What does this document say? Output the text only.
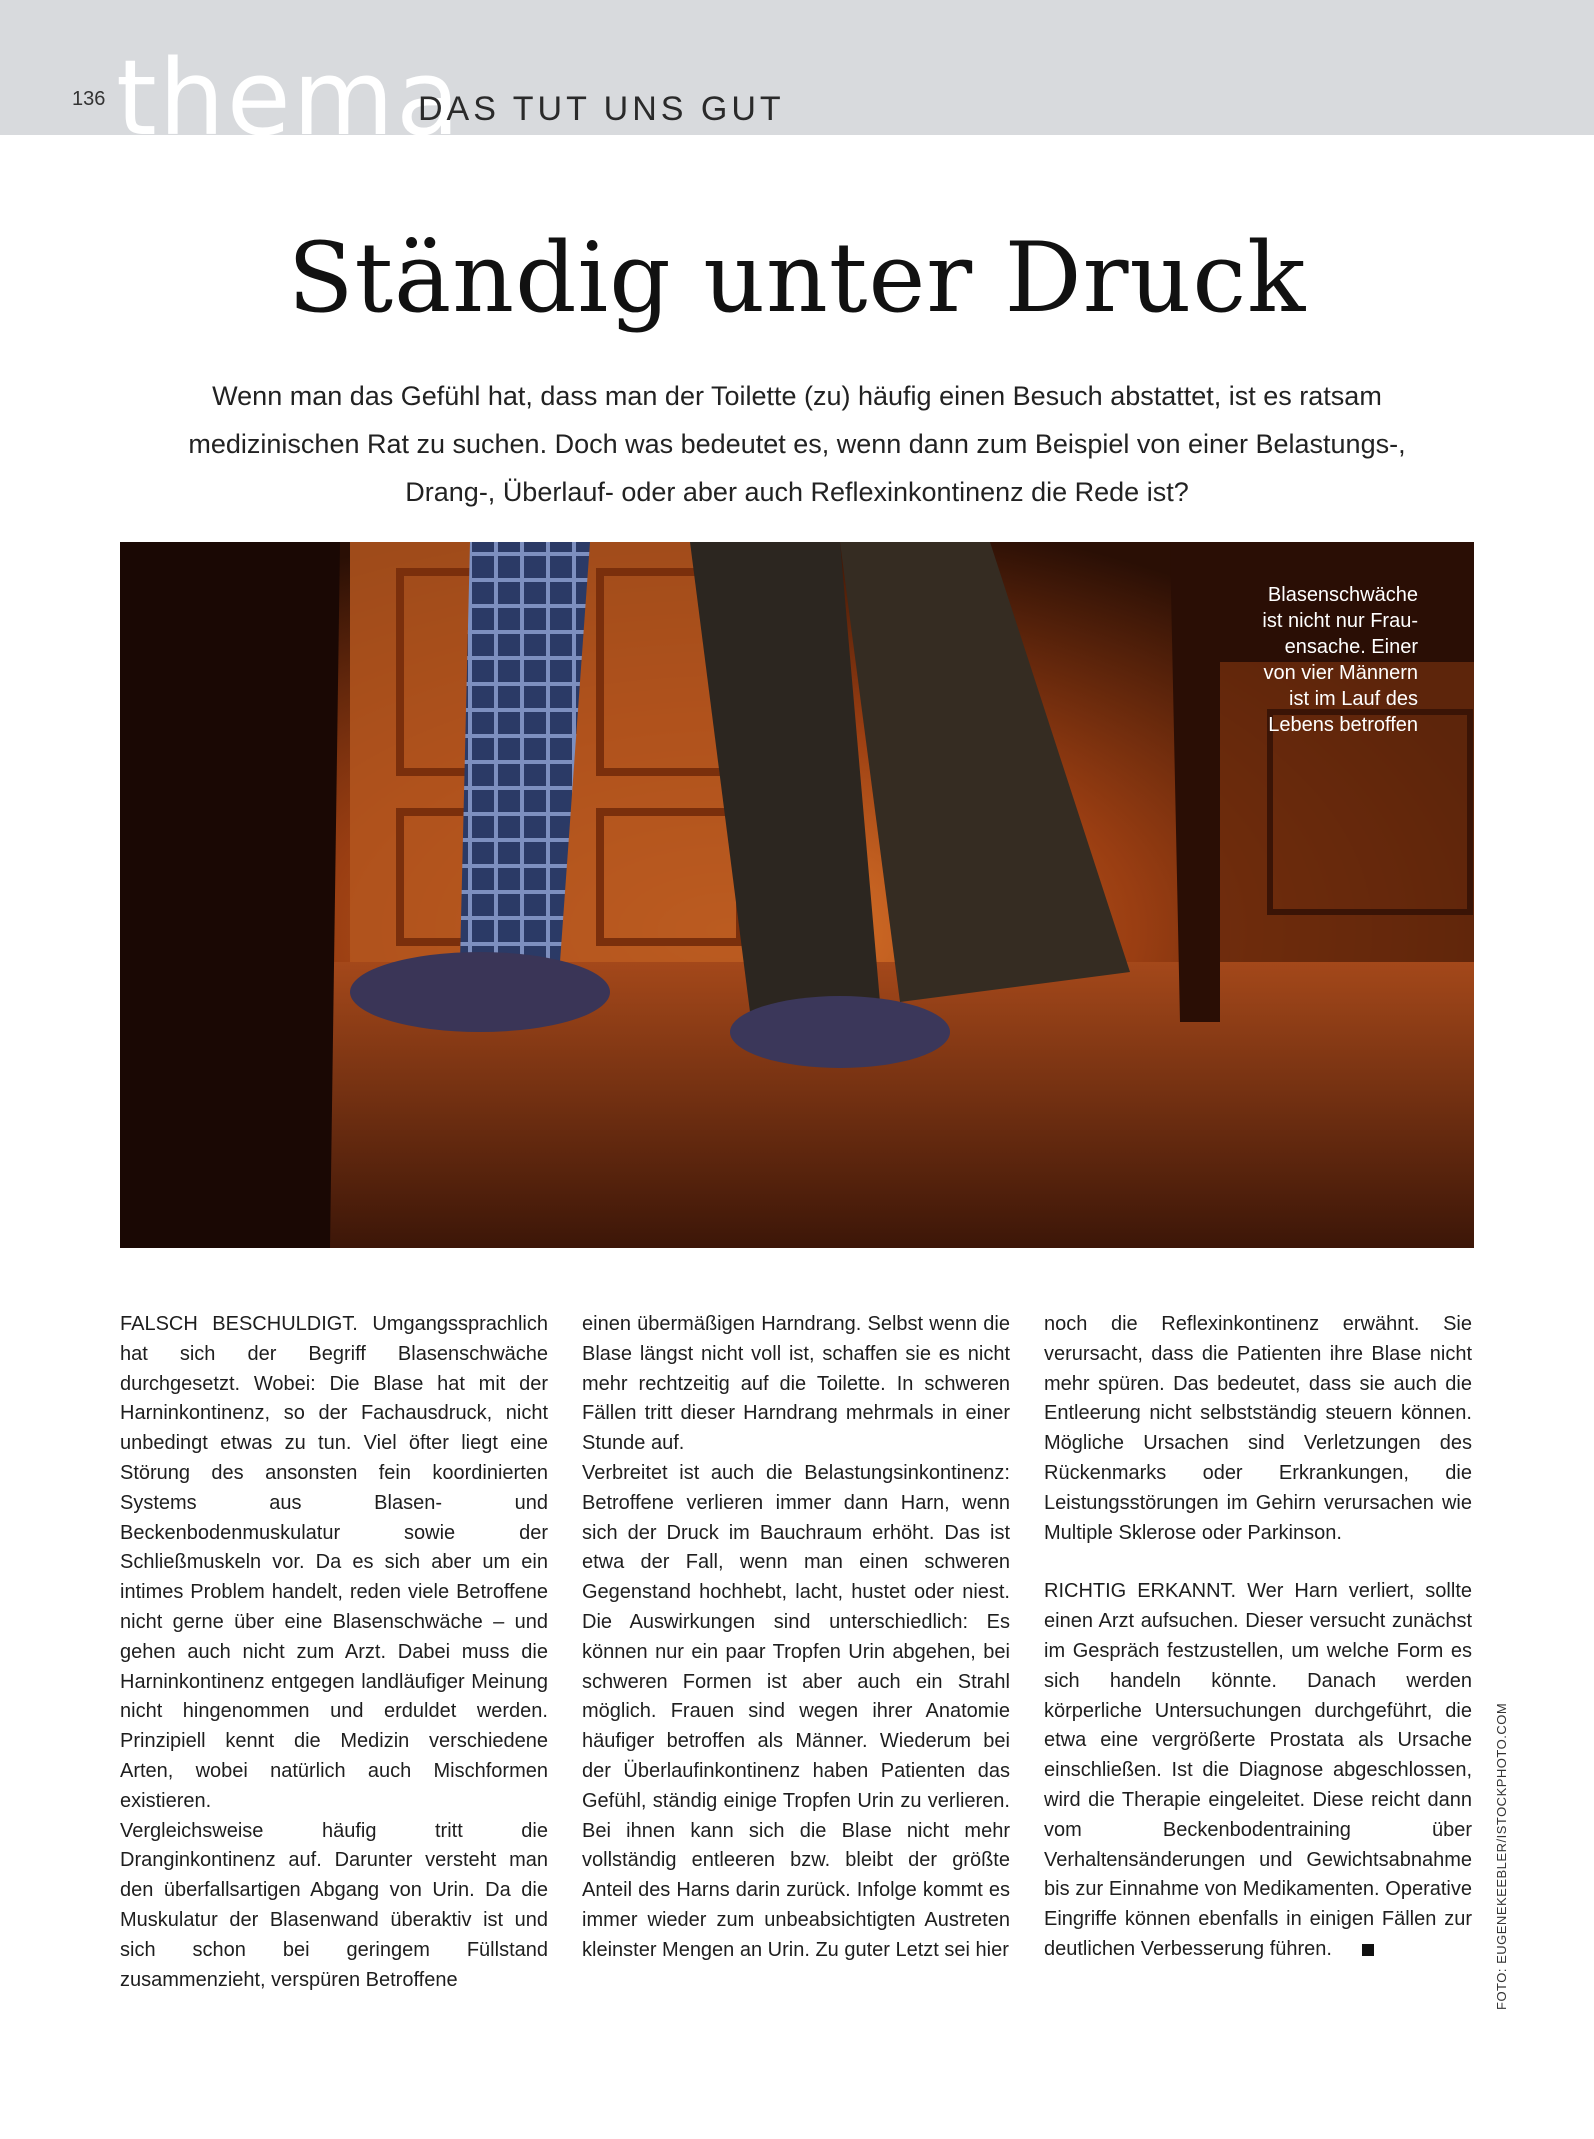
136 thema
DAS TUT UNS GUT
Ständig unter Druck
Wenn man das Gefühl hat, dass man der Toilette (zu) häufig einen Besuch abstattet, ist es ratsam
medizinischen Rat zu suchen. Doch was bedeutet es, wenn dann zum Beispiel von einer Belastungs-,
Drang-, Überlauf- oder aber auch Reflexinkontinenz die Rede ist?
Blasenschwäche
ist nicht nur Frau-
ensache. Einer
von vier Männern
ist im Lauf des
Lebens betroffen

FALSCH BESCHULDIGT. Umgangssprachlich hat sich der Begriff Blasenschwäche durchgesetzt. Wobei: Die Blase hat mit der Harninkontinenz, so der Fachausdruck, nicht unbedingt etwas zu tun. Viel öfter liegt eine Störung des ansonsten fein koordinierten Systems aus Blasen- und Beckenbodenmuskulatur sowie der Schließmuskeln vor. Da es sich aber um ein intimes Problem handelt, reden viele Betroffene nicht gerne über eine Blasenschwäche – und gehen auch nicht zum Arzt. Dabei muss die Harninkontinenz entgegen landläufiger Meinung nicht hingenommen und erduldet werden. Prinzipiell kennt die Medizin verschiedene Arten, wobei natürlich auch Mischformen existieren.

Vergleichsweise häufig tritt die Dranginkontinenz auf. Darunter versteht man den überfallsartigen Abgang von Urin. Da die Muskulatur der Blasenwand überaktiv ist und sich schon bei geringem Füllstand zusammenzieht, verspüren Betroffene

einen übermäßigen Harndrang. Selbst wenn die Blase längst nicht voll ist, schaffen sie es nicht mehr rechtzeitig auf die Toilette. In schweren Fällen tritt dieser Harndrang mehrmals in einer Stunde auf.

Verbreitet ist auch die Belastungsinkontinenz: Betroffene verlieren immer dann Harn, wenn sich der Druck im Bauchraum erhöht. Das ist etwa der Fall, wenn man einen schweren Gegenstand hochhebt, lacht, hustet oder niest. Die Auswirkungen sind unterschiedlich: Es können nur ein paar Tropfen Urin abgehen, bei schweren Formen ist aber auch ein Strahl möglich. Frauen sind wegen ihrer Anatomie häufiger betroffen als Männer. Wiederum bei der Überlaufinkontinenz haben Patienten das Gefühl, ständig einige Tropfen Urin zu verlieren. Bei ihnen kann sich die Blase nicht mehr vollständig entleeren bzw. bleibt der größte Anteil des Harns darin zurück. Infolge kommt es immer wieder zum unbeabsichtigten Austreten kleinster Mengen an Urin. Zu guter Letzt sei hier

noch die Reflexinkontinenz erwähnt. Sie verursacht, dass die Patienten ihre Blase nicht mehr spüren. Das bedeutet, dass sie auch die Entleerung nicht selbstständig steuern können. Mögliche Ursachen sind Verletzungen des Rückenmarks oder Erkrankungen, die Leistungsstörungen im Gehirn verursachen wie Multiple Sklerose oder Parkinson.

RICHTIG ERKANNT. Wer Harn verliert, sollte einen Arzt aufsuchen. Dieser versucht zunächst im Gespräch festzustellen, um welche Form es sich handeln könnte. Danach werden körperliche Untersuchungen durchgeführt, die etwa eine vergrößerte Prostata als Ursache einschließen. Ist die Diagnose abgeschlossen, wird die Therapie eingeleitet. Diese reicht dann vom Beckenbodentraining über Verhaltensänderungen und Gewichtsabnahme bis zur Einnahme von Medikamenten. Operative Eingriffe können ebenfalls in einigen Fällen zur deutlichen Verbesserung führen.	FOTO: EUGENEKEEBLER/ISTOCKPHOTO.COM
